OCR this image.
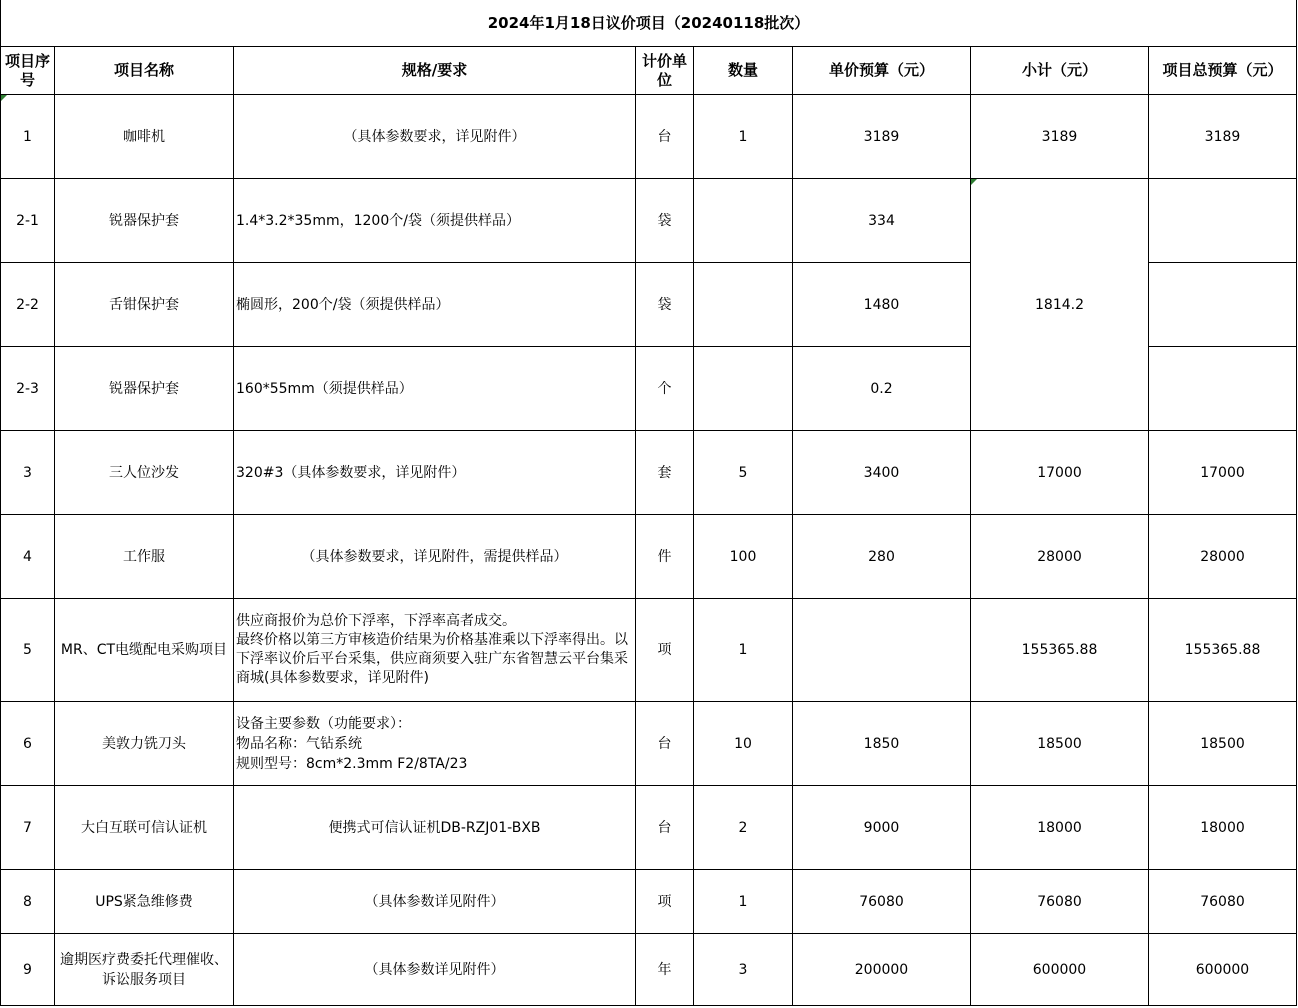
2024年1月18日议价项目（20240118批次）							
项目序号	项目名称	规格/要求	计价单位	数量	单价预算（元）	小计（元）	项目总预算（元）
1	咖啡机	（具体参数要求，详见附件）	台	1	3189	3189	3189
2-1	锐器保护套	1.4*3.2*35mm，1200个/袋（须提供样品）	袋		334	1814.2	
2-2	舌钳保护套	椭圆形，200个/袋（须提供样品）	袋		1480		
2-3	锐器保护套	160*55mm（须提供样品）	个		0.2		
3	三人位沙发	320#3（具体参数要求，详见附件）	套	5	3400	17000	17000
4	工作服	（具体参数要求，详见附件，需提供样品）	件	100	280	28000	28000
5	MR、CT电缆配电采购项目	供应商报价为总价下浮率，下浮率高者成交。
最终价格以第三方审核造价结果为价格基准乘以下浮率得出。以下浮率议价后平台采集，供应商须要入驻广东省智慧云平台集采商城(具体参数要求，详见附件)	项	1		155365.88	155365.88
6	美敦力铣刀头	设备主要参数（功能要求）：
物品名称：气钻系统
规则型号：8cm*2.3mm F2/8TA/23	台	10	1850	18500	18500
7	大白互联可信认证机	便携式可信认证机DB-RZJ01-BXB	台	2	9000	18000	18000
8	UPS紧急维修费	（具体参数详见附件）	项	1	76080	76080	76080
9	逾期医疗费委托代理催收、诉讼服务项目	（具体参数详见附件）	年	3	200000	600000	600000
